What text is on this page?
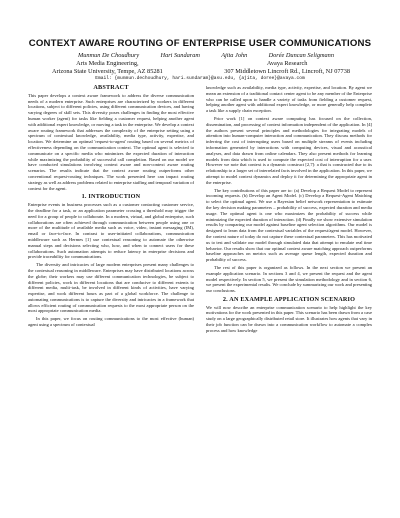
CONTEXT AWARE ROUTING OF ENTERPRISE USER COMMUNICATIONS
Munmun De Choudhury	Hari Sundaram	Ajita John	Dorée Duncan Seligmann
Arts Media Engineering,
Arizona State University, Tempe, AZ 85281
Avaya Research
307 Middletown Lincroft Rd., Lincroft, NJ 07738
Email: {munmun.dechoudhury, hari.sundaram}@asu.edu, {ajita, doree}@avaya.com
ABSTRACT

This paper develops a context aware framework to address the diverse communication needs of a modern enterprise. Such enterprises are characterized by workers in different locations, subject to different policies, using different communication devices, and having varying degrees of skill sets. This diversity poses challenges in finding the most effective human worker (agent) for tasks like fielding a customer request, helping another agent with additional expert knowledge, or moving a task in the enterprise. We develop a context aware routing framework that addresses the complexity of the enterprise setting using a spectrum of contextual knowledge, availability, media type, activity, expertise, and location. We determine an optimal 'request-to-agent' routing based on several metrics of effectiveness depending on the communication context. The optimal agent is selected to communicate on a specific media who minimizes the expected duration of interaction while maximizing the probability of successful call completion. Based on our model we have conducted simulations involving context aware and non-context aware routing scenarios. The results indicate that the context aware routing outperforms other conventional request-routing techniques. The work presented here can impact routing strategy as well as address problems related to enterprise staffing and temporal variation of context for the agent.

1. INTRODUCTION

Enterprise events in business processes such as a customer contacting customer service, the deadline for a task, or an application parameter crossing a threshold may trigger the need for a group of people to collaborate. In a modern, virtual, and global enterprise, such collaborations are often achieved through communication between people using one or more of the multitude of available media such as voice, video, instant messaging (IM), email or face-to-face. In contrast to user-initiated collaborations, communication middleware such as Hermes [1] use contextual reasoning to automate the otherwise manual steps and decisions selecting who, how, and when to connect users for these collaborations. Such automation attempts to reduce latency in enterprise decisions and provide traceability for communications.

The diversity and intricacies of large modern enterprises present many challenges to the contextual reasoning in middleware. Enterprises may have distributed locations across the globe; their workers may use different communication technologies, be subject to different policies, work in different locations that are conducive to different extents to different media, multi-task, be involved in different kinds of activities, have varying expertise, and work different hours as part of a global workforce. The challenge to automating communications is to capture the diversity and intricacies in a framework that allows efficient routing of communication requests to the most appropriate person on the most appropriate communication media.

In this paper, we focus on routing communications to the most effective (human) agent using a spectrum of contextual

knowledge such as availability, media type, activity, expertise, and location. By agent we mean an extension of a traditional contact center agent to be any member of the Enterprise who can be called upon to handle a variety of tasks from fielding a customer request, helping another agent with additional expert knowledge, or more generally help complete a task like a supply chain exception.

Prior work [1] on context aware computing has focused on the collection, dissemination, and processing of context information independent of the application. In [4] the authors present several principles and methodologies for integrating models of attention into human-computer interaction and communication. They discuss methods for inferring the cost of interrupting users based on multiple streams of events including information generated by interactions with computing devices, visual and acoustical analyses, and data drawn from online calendars. They also present methods for learning models from data which is used to compute the expected cost of interruption for a user. However we note that context is a dynamic construct [2,7]: a that is constructed due to its relationship to a larger set of interrelated facts involved in the application. In this paper, we attempt to model context dynamics and deploy it for determining the appropriate agent in the enterprise.

The key contributions of this paper are to: (a) Develop a Request Model to represent incoming requests. (b) Develop an Agent Model. (c) Develop a Request-Agent Matching to select the optimal agent. We use a Bayesian belief network representation to estimate the key decision making parameters – probability of success, expected duration and media usage. The optimal agent is one who maximizes the probability of success while minimizing the expected duration of interaction. (d) Finally we show extensive simulation results by comparing our model against baseline agent selection algorithms. Our model is designed to learn data from the contextual variables of the request/agent model. However, the context nature of today do not capture these contextual parameters. This has motivated us to test and validate our model through simulated data that attempt to emulate real time behavior. Our results show that our optimal context aware matching approach outperforms baseline approaches on metrics such as average queue length, expected duration and probability of success.

The rest of this paper is organized as follows. In the next section we present an example application scenario. In sections 3 and 4, we present the request and the agent model respectively. In section 5, we present the simulation methodology and in section 6, we present the experimental results. We conclude by summarizing our work and presenting our conclusions.

2. AN EXAMPLE APPLICATION SCENARIO

We will now describe an enterprise communication scenario to help highlight the key motivations for the work presented in this paper. This scenario has been drawn from a case study on a large geographically distributed retail store. It illustrates how agents that vary in their job function can be drawn into a communication workflow to automate a complex process and how knowledge
